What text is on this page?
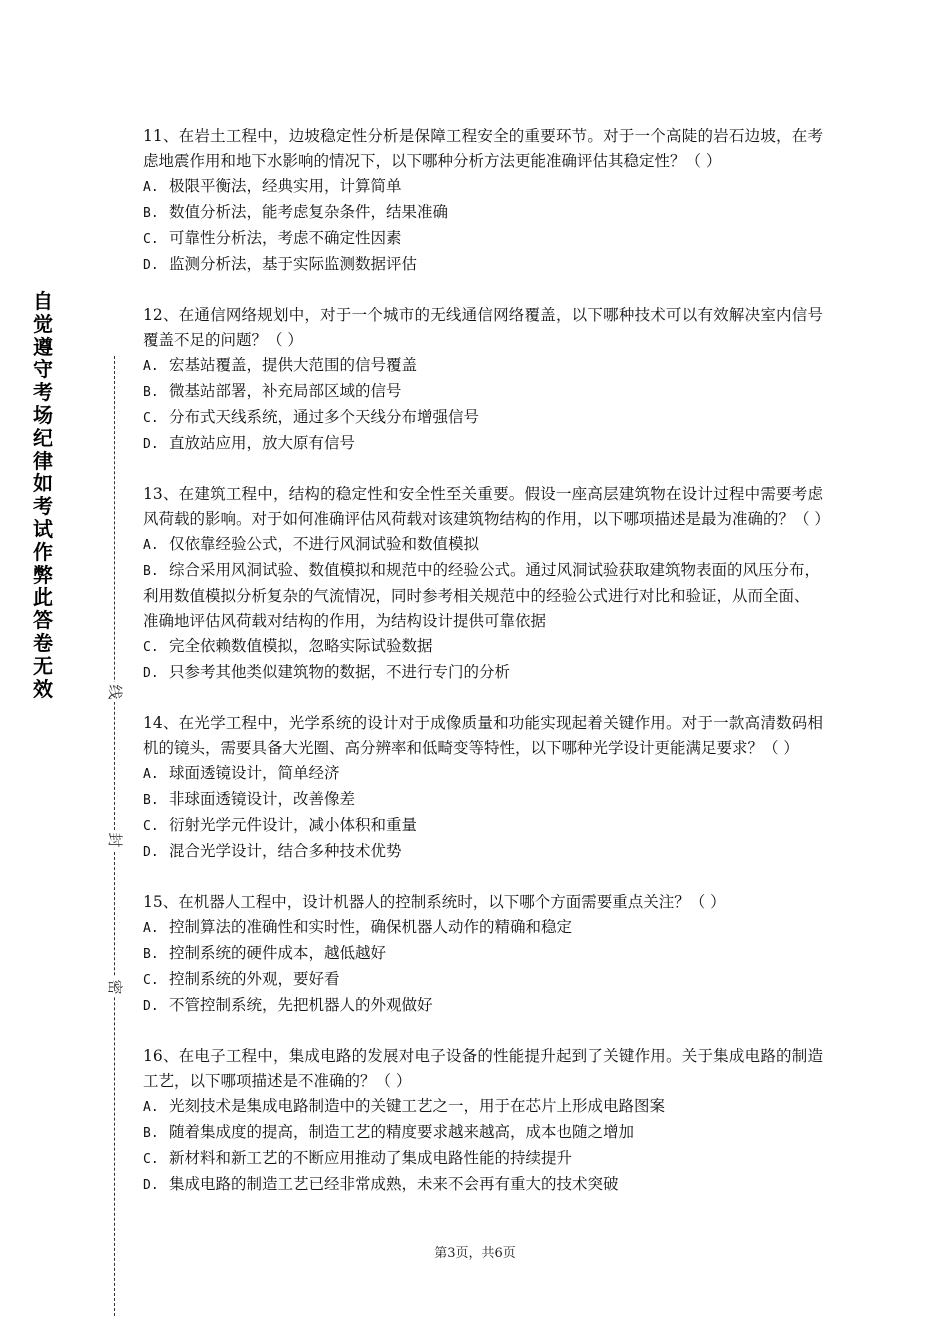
自觉遵守考场纪律如考试作弊此答卷无效	线
封
密

11、在岩土工程中，边坡稳定性分析是保障工程安全的重要环节。对于一个高陡的岩石边坡，在考虑地震作用和地下水影响的情况下，以下哪种分析方法更能准确评估其稳定性？（ ）

A. 极限平衡法，经典实用，计算简单

B. 数值分析法，能考虑复杂条件，结果准确

C. 可靠性分析法，考虑不确定性因素

D. 监测分析法，基于实际监测数据评估

12、在通信网络规划中，对于一个城市的无线通信网络覆盖，以下哪种技术可以有效解决室内信号覆盖不足的问题？（ ）

A. 宏基站覆盖，提供大范围的信号覆盖

B. 微基站部署，补充局部区域的信号

C. 分布式天线系统，通过多个天线分布增强信号

D. 直放站应用，放大原有信号

13、在建筑工程中，结构的稳定性和安全性至关重要。假设一座高层建筑物在设计过程中需要考虑风荷载的影响。对于如何准确评估风荷载对该建筑物结构的作用，以下哪项描述是最为准确的？（ ）

A. 仅依靠经验公式，不进行风洞试验和数值模拟

B. 综合采用风洞试验、数值模拟和规范中的经验公式。通过风洞试验获取建筑物表面的风压分布，利用数值模拟分析复杂的气流情况，同时参考相关规范中的经验公式进行对比和验证，从而全面、准确地评估风荷载对结构的作用，为结构设计提供可靠依据

C. 完全依赖数值模拟，忽略实际试验数据

D. 只参考其他类似建筑物的数据，不进行专门的分析

14、在光学工程中，光学系统的设计对于成像质量和功能实现起着关键作用。对于一款高清数码相机的镜头，需要具备大光圈、高分辨率和低畸变等特性，以下哪种光学设计更能满足要求？（ ）

A. 球面透镜设计，简单经济

B. 非球面透镜设计，改善像差

C. 衍射光学元件设计，减小体积和重量

D. 混合光学设计，结合多种技术优势

15、在机器人工程中，设计机器人的控制系统时，以下哪个方面需要重点关注？（ ）

A. 控制算法的准确性和实时性，确保机器人动作的精确和稳定

B. 控制系统的硬件成本，越低越好

C. 控制系统的外观，要好看

D. 不管控制系统，先把机器人的外观做好

16、在电子工程中，集成电路的发展对电子设备的性能提升起到了关键作用。关于集成电路的制造工艺，以下哪项描述是不准确的？（ ）

A. 光刻技术是集成电路制造中的关键工艺之一，用于在芯片上形成电路图案

B. 随着集成度的提高，制造工艺的精度要求越来越高，成本也随之增加

C. 新材料和新工艺的不断应用推动了集成电路性能的持续提升

D. 集成电路的制造工艺已经非常成熟，未来不会再有重大的技术突破

第3页，共6页
